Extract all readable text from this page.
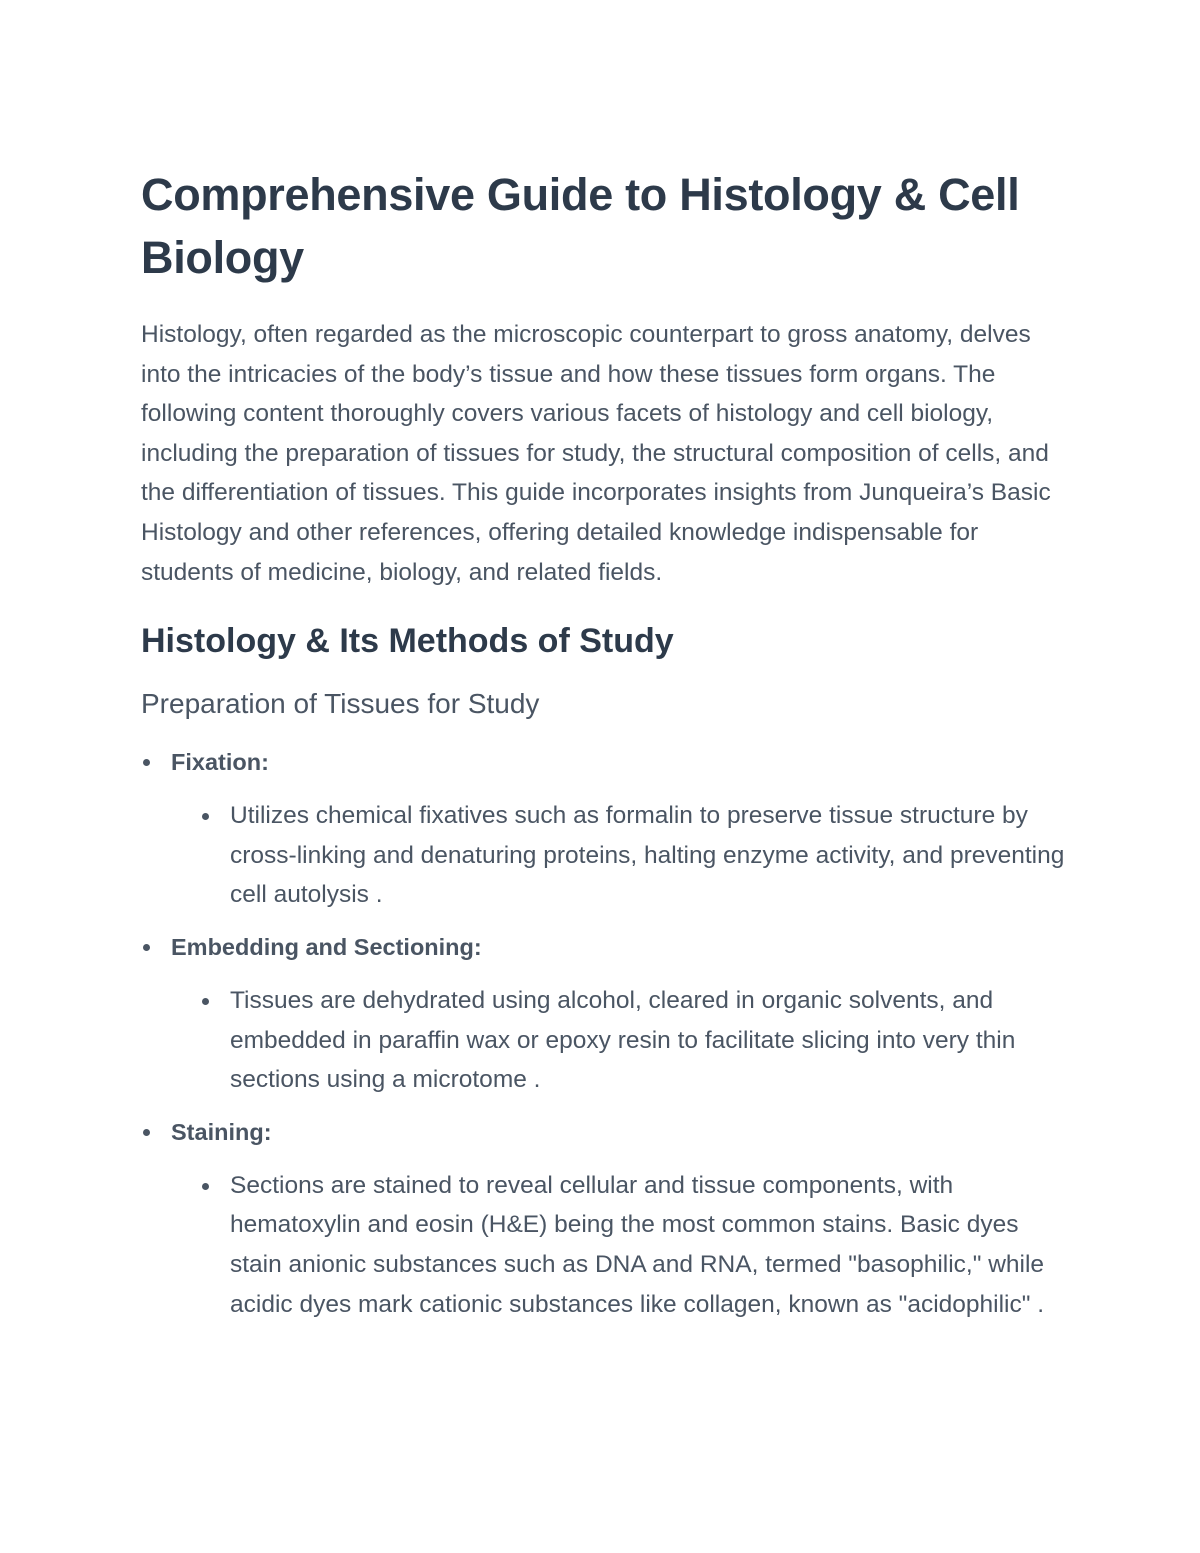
Comprehensive Guide to Histology & Cell Biology

Histology, often regarded as the microscopic counterpart to gross anatomy, delves into the intricacies of the body’s tissue and how these tissues form organs. The following content thoroughly covers various facets of histology and cell biology, including the preparation of tissues for study, the structural composition of cells, and the differentiation of tissues. This guide incorporates insights from Junqueira’s Basic Histology and other references, offering detailed knowledge indispensable for students of medicine, biology, and related fields.

Histology & Its Methods of Study
Preparation of Tissues for Study
Fixation:
Utilizes chemical fixatives such as formalin to preserve tissue structure by cross-linking and denaturing proteins, halting enzyme activity, and preventing cell autolysis .
Embedding and Sectioning:
Tissues are dehydrated using alcohol, cleared in organic solvents, and embedded in paraffin wax or epoxy resin to facilitate slicing into very thin sections using a microtome .
Staining:
Sections are stained to reveal cellular and tissue components, with hematoxylin and eosin (H&E) being the most common stains. Basic dyes stain anionic substances such as DNA and RNA, termed "basophilic," while acidic dyes mark cationic substances like collagen, known as "acidophilic" .
